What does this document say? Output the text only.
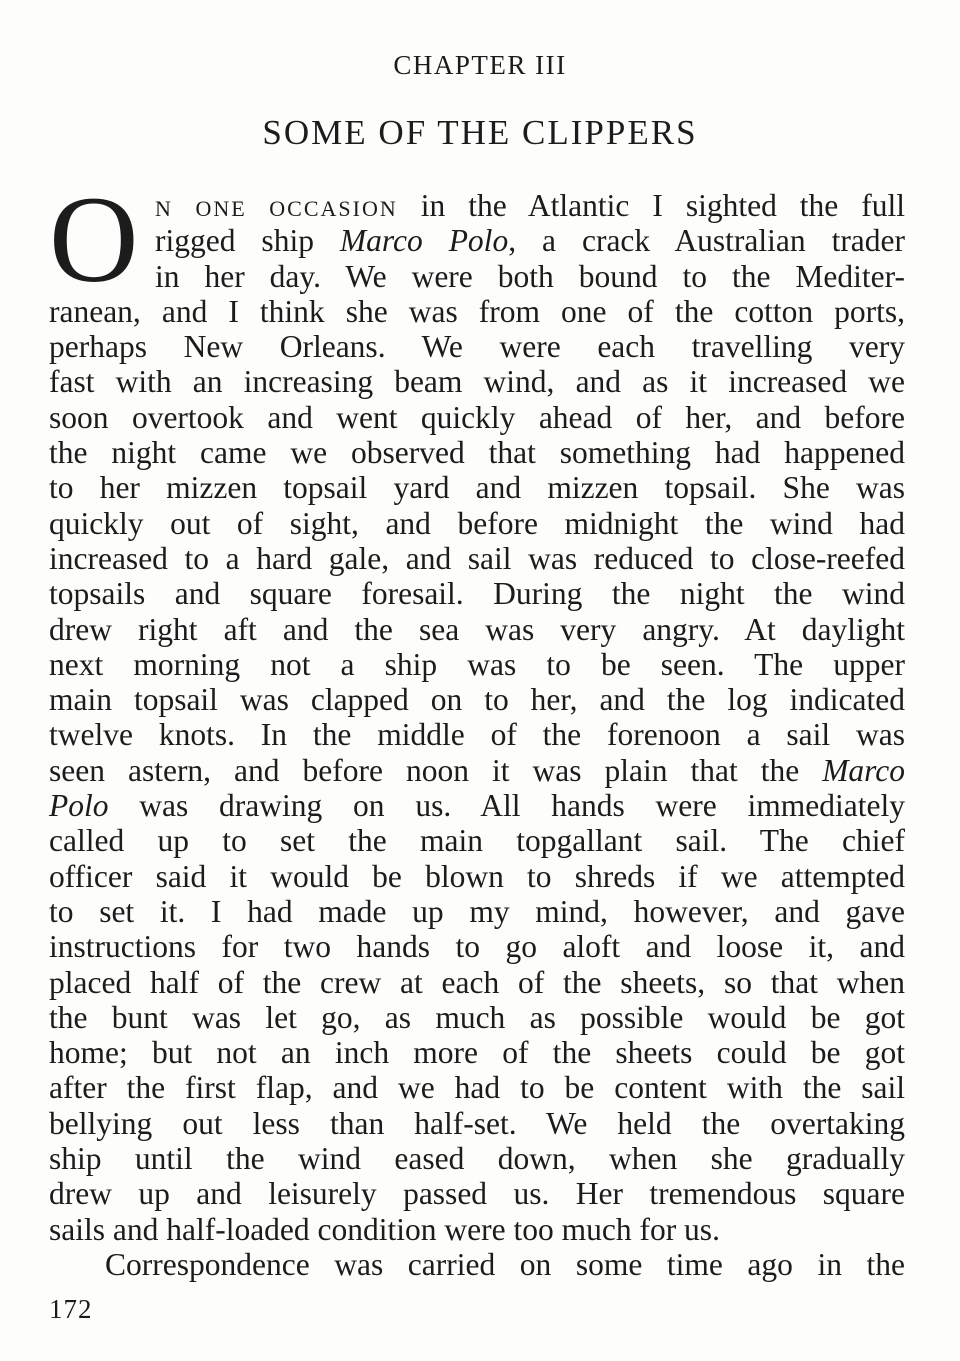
CHAPTER III
SOME OF THE CLIPPERS
O N ONE OCCASION in the Atlantic I sighted the full
rigged ship Marco Polo, a crack Australian trader
in her day. We were both bound to the Mediter-
ranean, and I think she was from one of the cotton ports,
perhaps New Orleans. We were each travelling very
fast with an increasing beam wind, and as it increased we
soon overtook and went quickly ahead of her, and before
the night came we observed that something had happened
to her mizzen topsail yard and mizzen topsail. She was
quickly out of sight, and before midnight the wind had
increased to a hard gale, and sail was reduced to close-reefed
topsails and square foresail. During the night the wind
drew right aft and the sea was very angry. At daylight
next morning not a ship was to be seen. The upper
main topsail was clapped on to her, and the log indicated
twelve knots. In the middle of the forenoon a sail was
seen astern, and before noon it was plain that the Marco
Polo was drawing on us. All hands were immediately
called up to set the main topgallant sail. The chief
officer said it would be blown to shreds if we attempted
to set it. I had made up my mind, however, and gave
instructions for two hands to go aloft and loose it, and
placed half of the crew at each of the sheets, so that when
the bunt was let go, as much as possible would be got
home; but not an inch more of the sheets could be got
after the first flap, and we had to be content with the sail
bellying out less than half-set. We held the overtaking
ship until the wind eased down, when she gradually
drew up and leisurely passed us. Her tremendous square
sails and half-loaded condition were too much for us.
Correspondence was carried on some time ago in the
172
